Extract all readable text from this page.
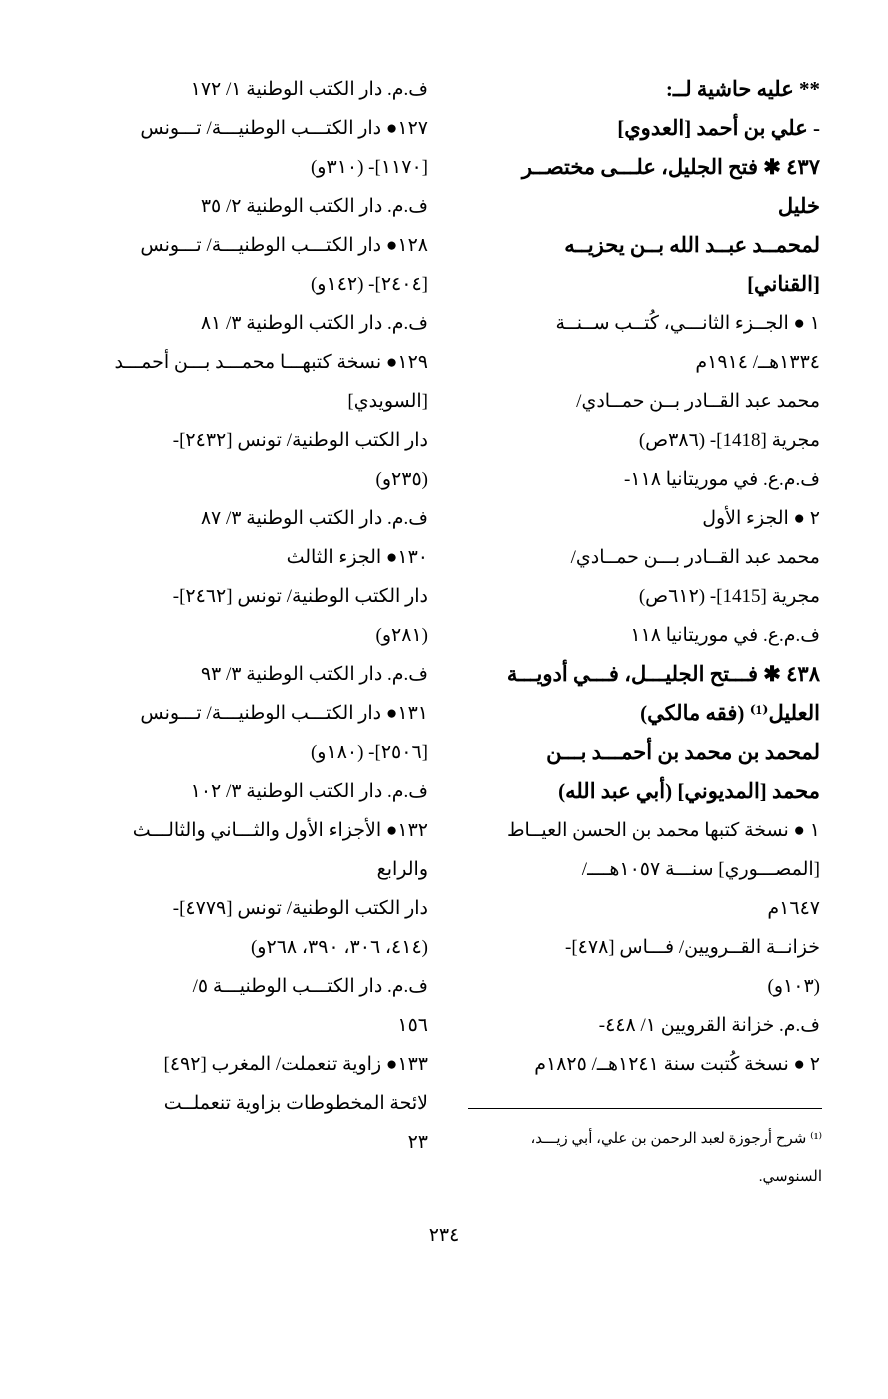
** عليه حاشية لــ:
- علي بن أحمد [العدوي]
٤٣٧ ✱ فتح الجليل، علـــى مختصــر
خليل
لمحمــد عبــد الله بــن يحزيــه
[القناني]
١ ● الجــزء الثانـــي، كُتــب ســنــة
١٣٣٤هــ/ ١٩١٤م
محمد عبد القــادر بــن حمــادي/
مجرية [1418]- (٣٨٦ص)
ف.م.ع. في موريتانيا ١١٨-
٢ ● الجزء الأول
محمد عبد القــادر بـــن حمــادي/
مجرية [1415]- (٦١٢ص)
ف.م.ع. في موريتانيا ١١٨
٤٣٨ ✱ فـــتح الجليـــل، فـــي أدويـــة
العليل⁽¹⁾ (فقه مالكي)
لمحمد بن محمد بن أحمـــد بـــن
محمد [المديوني] (أبي عبد الله)
١ ● نسخة كتبها محمد بن الحسن العيــاط
[المصـــوري] سنـــة ١٠٥٧هــــ/
١٦٤٧م
خزانــة القــرويين/ فـــاس [٤٧٨]-
(١٠٣و)
ف.م. خزانة القرويين ١/ ٤٤٨-
٢ ● نسخة كُتبت سنة ١٢٤١هــ/ ١٨٢٥م
ف.م. دار الكتب الوطنية ١/ ١٧٢
١٢٧● دار الكتـــب الوطنيـــة/ تـــونس
[١١٧٠]- (٣١٠و)
ف.م. دار الكتب الوطنية ٢/ ٣٥
١٢٨● دار الكتـــب الوطنيـــة/ تـــونس
[٢٤٠٤]- (١٤٢و)
ف.م. دار الكتب الوطنية ٣/ ٨١
١٢٩● نسخة كتبهـــا محمـــد بـــن أحمـــد
[السويدي]
دار الكتب الوطنية/ تونس [٢٤٣٢]-
(٢٣٥و)
ف.م. دار الكتب الوطنية ٣/ ٨٧
١٣٠● الجزء الثالث
دار الكتب الوطنية/ تونس [٢٤٦٢]-
(٢٨١و)
ف.م. دار الكتب الوطنية ٣/ ٩٣
١٣١● دار الكتـــب الوطنيـــة/ تـــونس
[٢٥٠٦]- (١٨٠و)
ف.م. دار الكتب الوطنية ٣/ ١٠٢
١٣٢● الأجزاء الأول والثـــاني والثالـــث
والرابع
دار الكتب الوطنية/ تونس [٤٧٧٩]-
(٤١٤، ٣٠٦، ٣٩٠، ٢٦٨و)
ف.م. دار الكتـــب الوطنيـــة ٥/
١٥٦
١٣٣● زاوية تنعملت/ المغرب [٤٩٢]
لائحة المخطوطات بزاوية تنعملــت
٢٣	⁽¹⁾ شرح أرجوزة لعبد الرحمن بن علي، أبي زيـــد،
السنوسي.
٢٣٤
